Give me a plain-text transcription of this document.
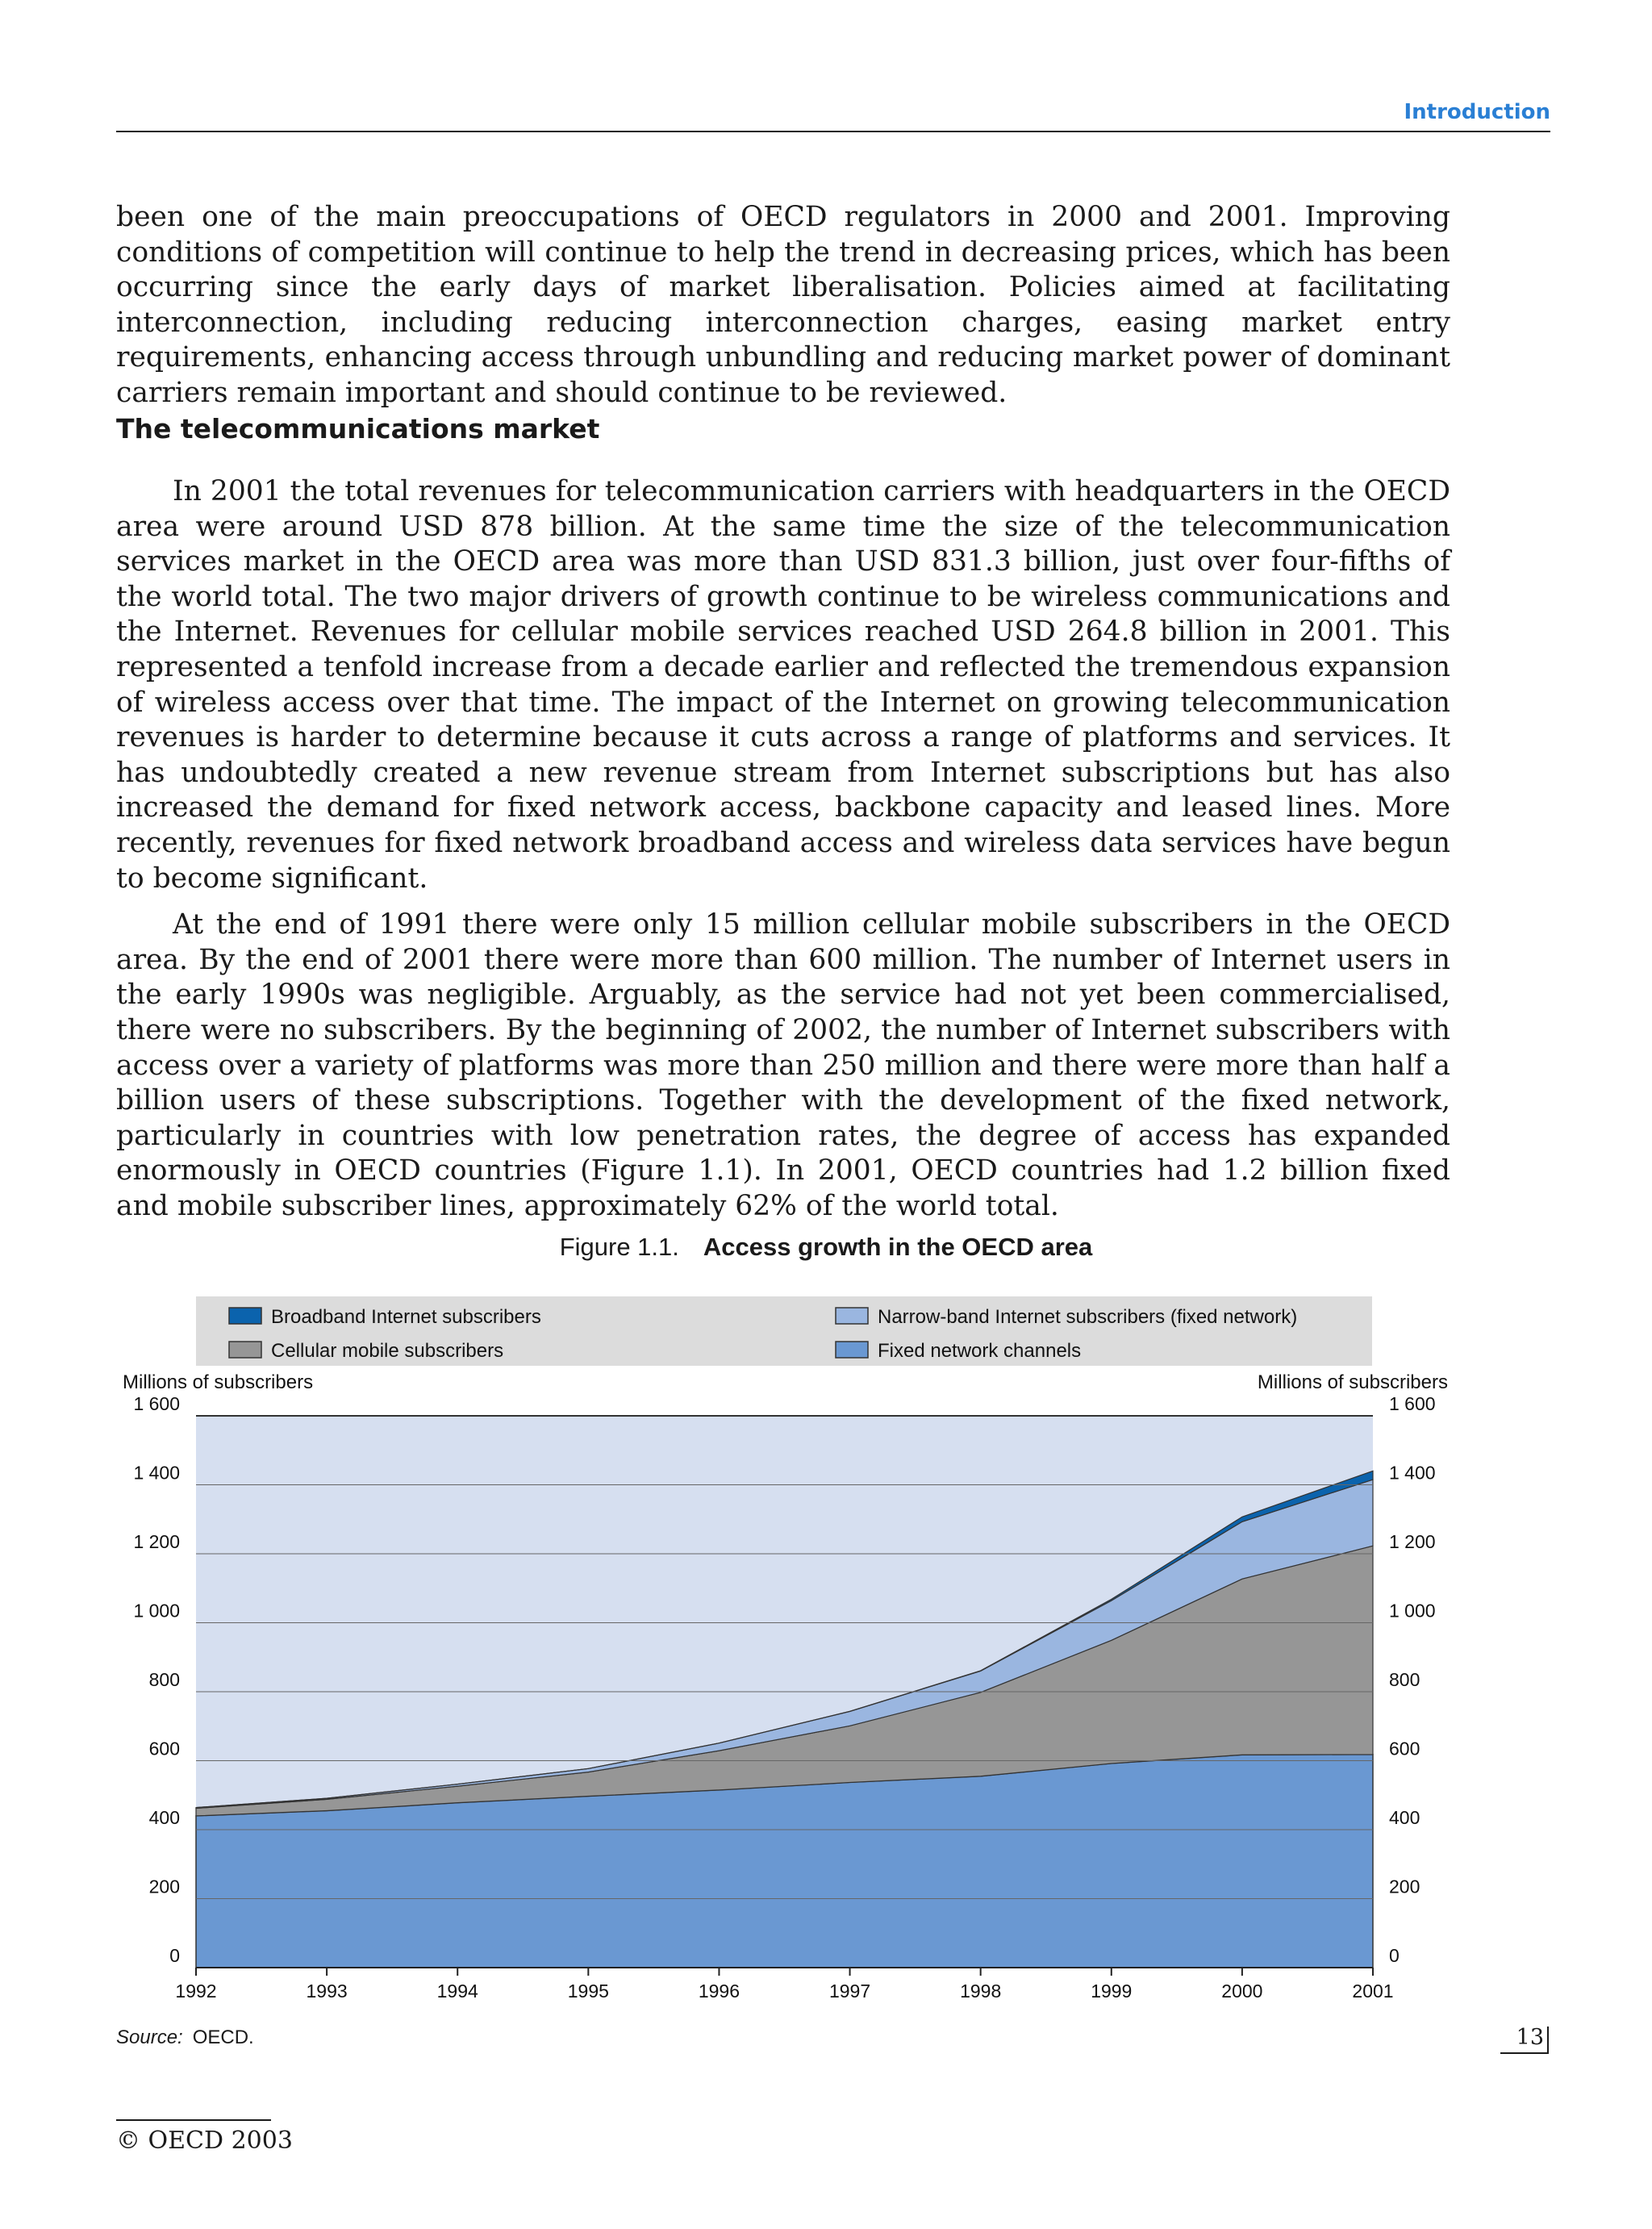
Introduction

been one of the main preoccupations of OECD regulators in 2000 and 2001. Improving conditions of competition will continue to help the trend in decreasing prices, which has been occurring since the early days of market liberalisation. Policies aimed at facilitating interconnection, including reducing interconnection charges, easing market entry requirements, enhancing access through unbundling and reducing market power of dominant carriers remain important and should continue to be reviewed.

The telecommunications market

In 2001 the total revenues for telecommunication carriers with headquarters in the OECD area were around USD 878 billion. At the same time the size of the telecommunication services market in the OECD area was more than USD 831.3 billion, just over four-fifths of the world total. The two major drivers of growth continue to be wireless communications and the Internet. Revenues for cellular mobile services reached USD 264.8 billion in 2001. This represented a tenfold increase from a decade earlier and reflected the tremendous expansion of wireless access over that time. The impact of the Internet on growing telecommunication revenues is harder to determine because it cuts across a range of platforms and services. It has undoubtedly created a new revenue stream from Internet subscriptions but has also increased the demand for fixed network access, backbone capacity and leased lines. More recently, revenues for fixed network broadband access and wireless data services have begun to become significant.

At the end of 1991 there were only 15 million cellular mobile subscribers in the OECD area. By the end of 2001 there were more than 600 million. The number of Internet users in the early 1990s was negligible. Arguably, as the service had not yet been commercialised, there were no subscribers. By the beginning of 2002, the number of Internet subscribers with access over a variety of platforms was more than 250 million and there were more than half a billion users of these subscriptions. Together with the development of the fixed network, particularly in countries with low penetration rates, the degree of access has expanded enormously in OECD countries (Figure 1.1). In 2001, OECD countries had 1.2 billion fixed and mobile subscriber lines, approximately 62% of the world total.

Figure 1.1. Access growth in the OECD area
Broadband Internet subscribers	Narrow-band Internet subscribers (fixed network)
Cellular mobile subscribers	Fixed network channels
Millions of subscribers	Millions of subscribers
0	0
200	200
400	400
600	600
800	800
1 000	1 000
1 200	1 200
1 400	1 400
1 600	1 600
1992	1993	1994	1995	1996	1997	1998	1999	2000	2001
Source: OECD.	13
© OECD 2003
